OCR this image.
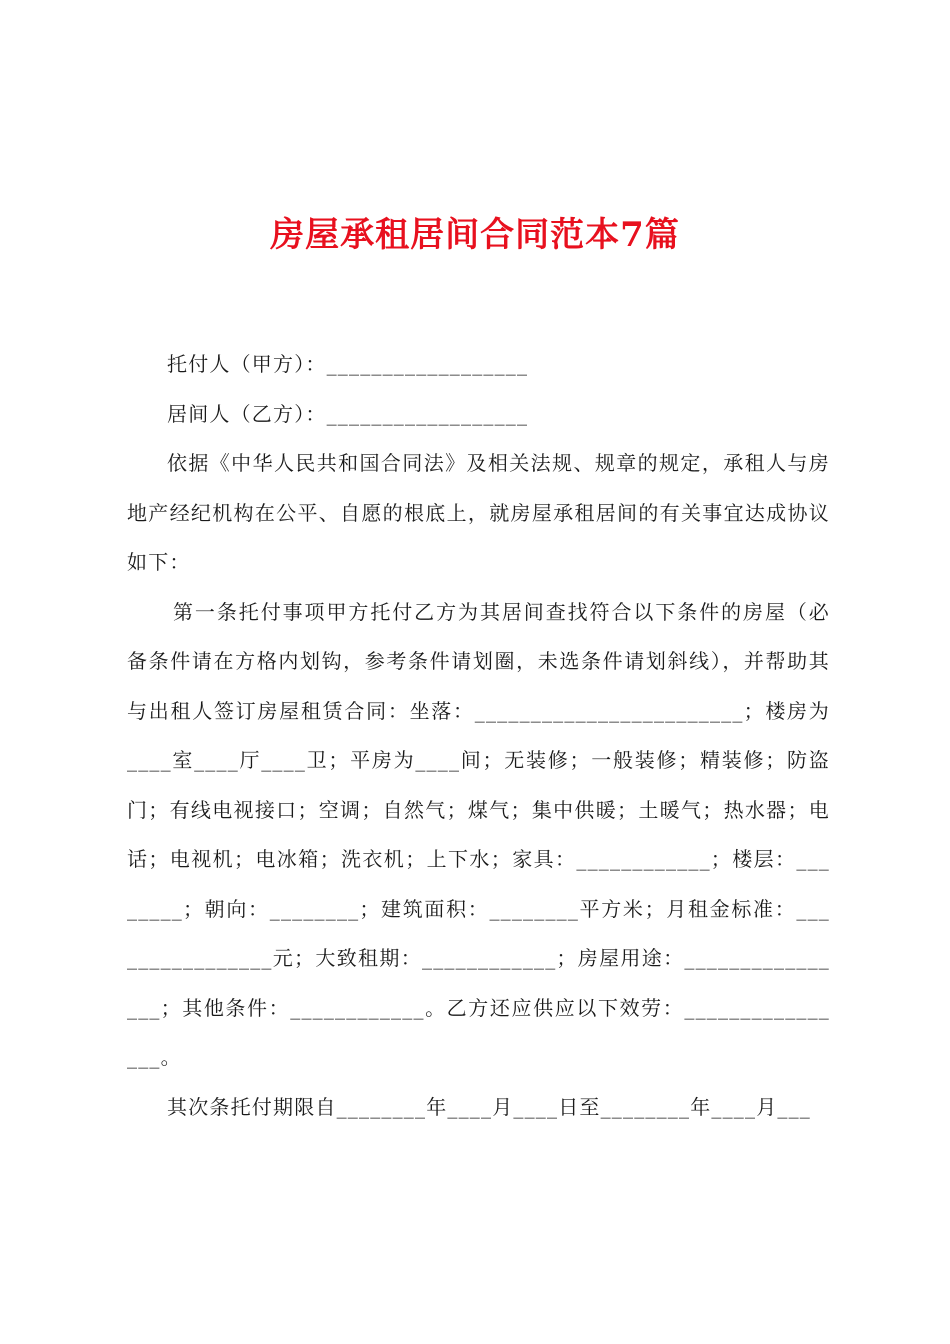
房屋承租居间合同范本7篇

托付人（甲方）：__________________

居间人（乙方）：__________________

依据《中华人民共和国合同法》及相关法规、规章的规定，承租人与房地产经纪机构在公平、自愿的根底上，就房屋承租居间的有关事宜达成协议如下：

第一条托付事项甲方托付乙方为其居间查找符合以下条件的房屋（必备条件请在方格内划钩，参考条件请划圈，未选条件请划斜线），并帮助其与出租人签订房屋租赁合同：坐落：________________________；楼房为____室____厅____卫；平房为____间；无装修；一般装修；精装修；防盗门；有线电视接口；空调；自然气；煤气；集中供暖；土暖气；热水器；电话；电视机；电冰箱；洗衣机；上下水；家具：____________；楼层：________；朝向：________；建筑面积：________平方米；月租金标准：________________元；大致租期：____________；房屋用途：________________；其他条件：____________。乙方还应供应以下效劳：________________。

其次条托付期限自________年____月____日至________年____月___
